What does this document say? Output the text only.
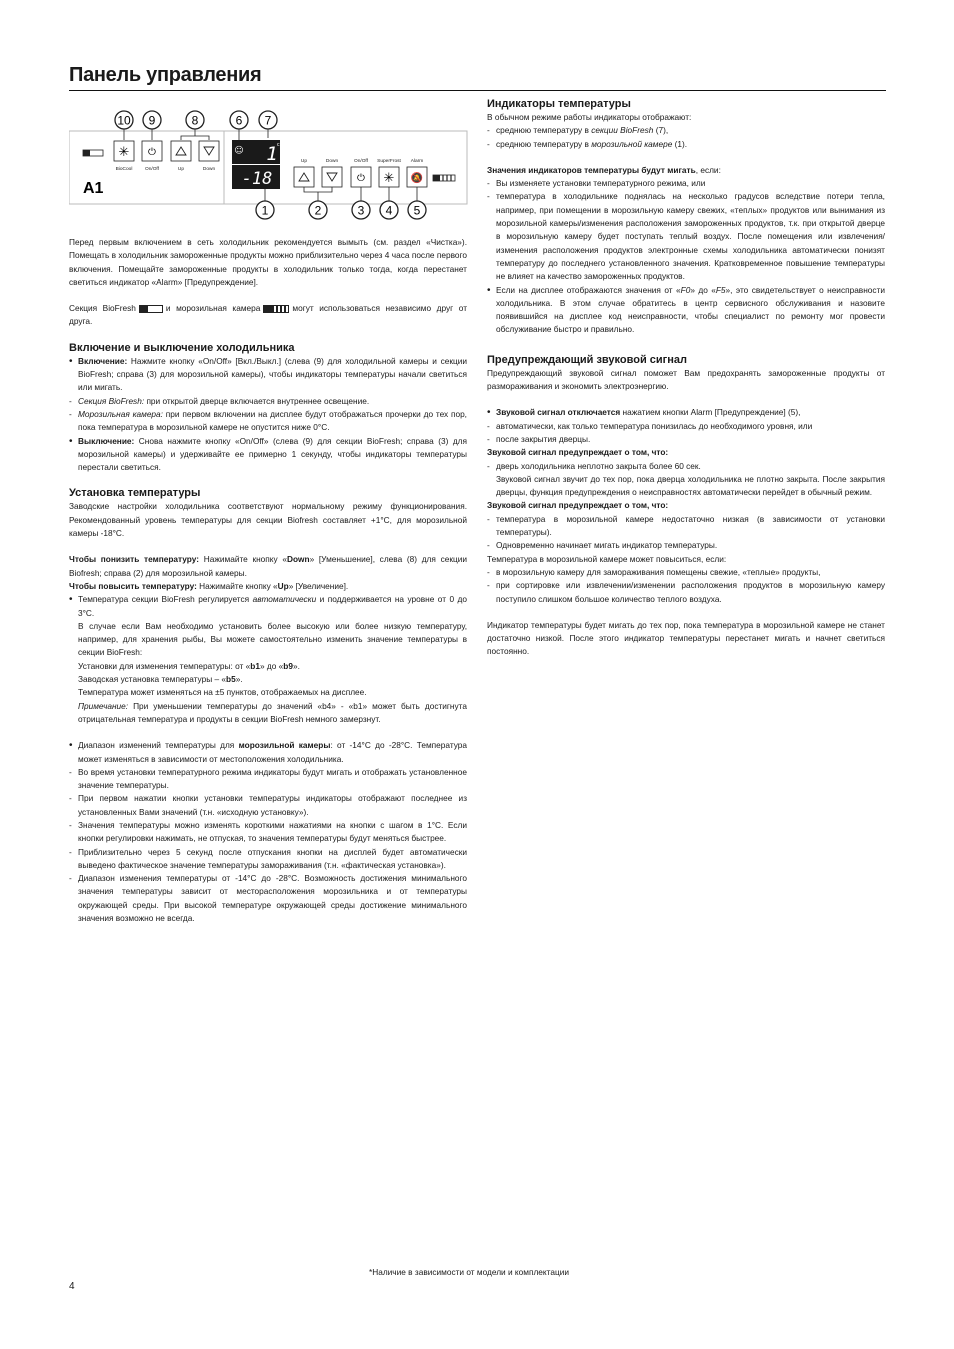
Панель управления
10 9	8	6 7
✳ ⏻
BioCool	On/Off	Up	Down
A1
☺ 1 c
-18
Up	Down	On/Off SuperFrost Alarm
⏻ ✳ 🔕
1	2	3 4 5

Перед первым включением в сеть холодильник рекомендуется вымыть (см. раздел «Чистка»). Помещать в холодильник замороженные продукты можно приблизительно через 4 часа после первого включения. Помещайте замороженные продукты в холодильник только тогда, когда перестанет светиться индикатор «Alarm» [Предупреждение].

Секция BioFresh	и морозильная камера	могут использоваться независимо друг от друга.

Включение и выключение холодильника
• Включение: Нажмите кнопку «On/Off» [Вкл./Выкл.] (слева (9) для холодильной камеры и секции BioFresh; справа (3) для морозильной камеры), чтобы индикаторы температуры начали светиться или мигать.
- Секция BioFresh: при открытой дверце включается внутреннее освещение.
- Морозильная камера: при первом включении на дисплее будут отображаться прочерки до тех пор, пока температура в морозильной камере не опустится ниже 0°C.
• Выключение: Снова нажмите кнопку «On/Off» (слева (9) для секции BioFresh; справа (3) для морозильной камеры) и удерживайте ее примерно 1 секунду, чтобы индикаторы температуры перестали светиться.
Установка температуры

Заводские настройки холодильника соответствуют нормальному режиму функционирования. Рекомендованный уровень температуры для секции Biofresh составляет +1°C, для морозильной камеры -18°C.

Чтобы понизить температуру: Нажимайте кнопку «Down» [Уменьшение], слева (8) для секции Biofresh; справа (2) для морозильной камеры.

Чтобы повысить температуру: Нажимайте кнопку «Up» [Увеличение].

• Температура секции BioFresh регулируется автоматически и поддерживается на уровне от 0 до 3°C.

В случае если Вам необходимо установить более высокую или более низкую температуру, например, для хранения рыбы, Вы можете самостоятельно изменить значение температуры в секции BioFresh:

Установки для изменения температуры: от «b1» до «b9».

Заводская установка температуры – «b5».

Температура может изменяться на ±5 пунктов, отображаемых на дисплее.

Примечание: При уменьшении температуры до значений «b4» - «b1» может быть достигнута отрицательная температура и продукты в секции BioFresh немного замерзнут.

• Диапазон изменений температуры для морозильной камеры: от -14°C до -28°C. Температура может изменяться в зависимости от местоположения холодильника.
- Во время установки температурного режима индикаторы будут мигать и отображать установленное значение температуры.
- При первом нажатии кнопки установки температуры индикаторы отображают последнее из установленных Вами значений (т.н. «исходную установку»).
- Значения температуры можно изменять короткими нажатиями на кнопки с шагом в 1°C. Если кнопки регулировки нажимать, не отпуская, то значения температуры будут меняться быстрее.
- Приблизительно через 5 секунд после отпускания кнопки на дисплей будет автоматически выведено фактическое значение температуры замораживания (т.н. «фактическая установка»).
- Диапазон изменения температуры от -14°C до -28°C. Возможность достижения минимального значения температуры зависит от месторасположения морозильника и от температуры окружающей среды. При высокой температуре окружающей среды достижение минимального значения возможно не всегда.
Индикаторы температуры

В обычном режиме работы индикаторы отображают:

- среднюю температуру в секции BioFresh (7),
- среднюю температуру в морозильной камере (1).

Значения индикаторов температуры будут мигать, если:

- Вы изменяете установки температурного режима, или
- температура в холодильнике поднялась на несколько градусов вследствие потери тепла, например, при помещении в морозильную камеру свежих, «теплых» продуктов или вынимания из морозильной камеры/изменения расположения замороженных продуктов, т.к. при открытой дверце в морозильную камеру будет поступать теплый воздух. После помещения или извлечения/изменения расположения продуктов электронные схемы холодильника автоматически понизят температуру до последнего установленного значения. Кратковременное повышение температуры не влияет на качество замороженных продуктов.
• Если на дисплее отображаются значения от «F0» до «F5», это свидетельствует о неисправности холодильника. В этом случае обратитесь в центр сервисного обслуживания и назовите появившийся на дисплее код неисправности, чтобы специалист по ремонту мог провести обслуживание быстро и правильно.
Предупреждающий звуковой сигнал

Предупреждающий звуковой сигнал поможет Вам предохранять замороженные продукты от размораживания и экономить электроэнергию.

• Звуковой сигнал отключается нажатием кнопки Alarm [Предупреждение] (5),
- автоматически, как только температура понизилась до необходимого уровня, или
- после закрытия дверцы.

Звуковой сигнал предупреждает о том, что:

- дверь холодильника неплотно закрыта более 60 сек.

Звуковой сигнал звучит до тех пор, пока дверца холодильника не плотно закрыта. После закрытия дверцы, функция предупреждения о неисправностях автоматически перейдет в обычный режим.

Звуковой сигнал предупреждает о том, что:

- температура в морозильной камере недостаточно низкая (в зависимости от установки температуры).
- Одновременно начинает мигать индикатор температуры.

Температура в морозильной камере может повыситься, если:

- в морозильную камеру для замораживания помещены свежие, «теплые» продукты,
- при сортировке или извлечении/изменении расположения продуктов в морозильную камеру поступило слишком большое количество теплого воздуха.

Индикатор температуры будет мигать до тех пор, пока температура в морозильной камере не станет достаточно низкой. После этого индикатор температуры перестанет мигать и начнет светиться постоянно.

*Наличие в зависимости от модели и комплектации
4
